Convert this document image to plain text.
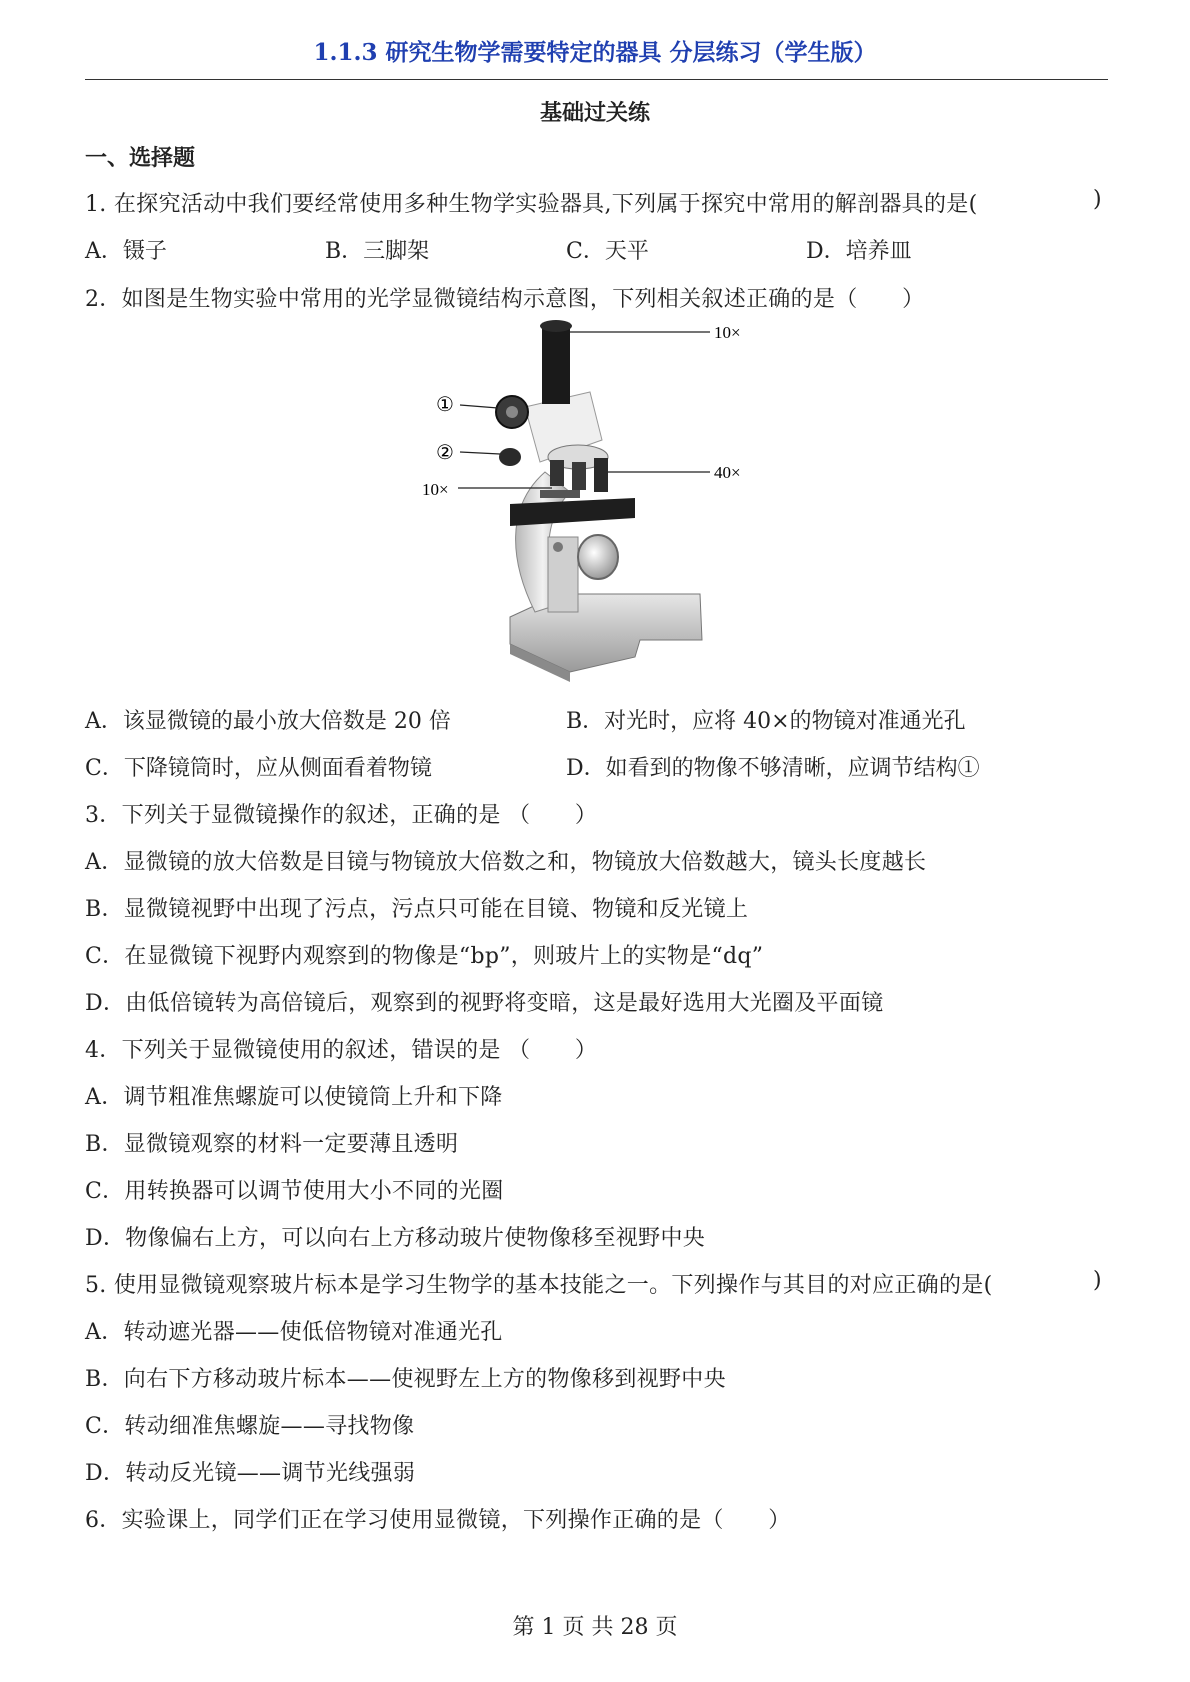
1.1.3 研究生物学需要特定的器具 分层练习（学生版）
基础过关练
一、选择题
1. 在探究活动中我们要经常使用多种生物学实验器具,下列属于探究中常用的解剖器具的是(	)
A．镊子	B．三脚架	C．天平	D．培养皿
2．如图是生物实验中常用的光学显微镜结构示意图，下列相关叙述正确的是（　　）
10×
①
②
10×
40×
A．该显微镜的最小放大倍数是 20 倍	B．对光时，应将 40×的物镜对准通光孔
C．下降镜筒时，应从侧面看着物镜	D．如看到的物像不够清晰，应调节结构①
3．下列关于显微镜操作的叙述，正确的是 （　　）
A．显微镜的放大倍数是目镜与物镜放大倍数之和，物镜放大倍数越大，镜头长度越长
B．显微镜视野中出现了污点，污点只可能在目镜、物镜和反光镜上
C．在显微镜下视野内观察到的物像是“bp”，则玻片上的实物是“dq”
D．由低倍镜转为高倍镜后，观察到的视野将变暗，这是最好选用大光圈及平面镜
4．下列关于显微镜使用的叙述，错误的是 （　　）
A．调节粗准焦螺旋可以使镜筒上升和下降
B．显微镜观察的材料一定要薄且透明
C．用转换器可以调节使用大小不同的光圈
D．物像偏右上方，可以向右上方移动玻片使物像移至视野中央
5. 使用显微镜观察玻片标本是学习生物学的基本技能之一。下列操作与其目的对应正确的是(	)
A．转动遮光器——使低倍物镜对准通光孔
B．向右下方移动玻片标本——使视野左上方的物像移到视野中央
C．转动细准焦螺旋——寻找物像
D．转动反光镜——调节光线强弱
6．实验课上，同学们正在学习使用显微镜，下列操作正确的是（　　）
第 1 页 共 28 页
